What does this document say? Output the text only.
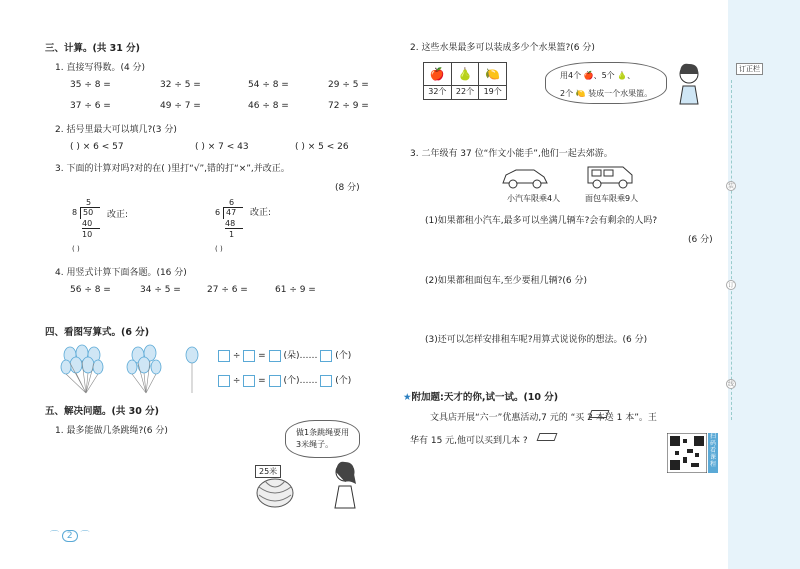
三、计算。(共 31 分)
1. 直接写得数。(4 分)
35 ÷ 8 =	32 ÷ 5 =	54 ÷ 8 =	29 ÷ 5 =
37 ÷ 6 =	49 ÷ 7 =	46 ÷ 8 =	72 ÷ 9 =
2. 括号里最大可以填几?(3 分)
( ) × 6 < 57	( ) × 7 < 43	( ) × 5 < 26
3. 下面的计算对吗?对的在( )里打“√”,错的打“×”,并改正。
(8 分)
5
8 50
40
10
改正:
( )
6
6 47
48
1
改正:
( )
4. 用竖式计算下面各题。(16 分)
56 ÷ 8 =	34 ÷ 5 =	27 ÷ 6 =	61 ÷ 9 =
四、看图写算式。(6 分)
÷ = (朵)…… (个)
÷ = (个)…… (个)
五、解决问题。(共 30 分)
1. 最多能做几条跳绳?(6 分)
25米
做1条跳绳要用3米绳子。
⌒ 2 ⌒
2. 这些水果最多可以装成多少个水果篮?(6 分)
🍎
32个
🍐
22个
🍋
19个
用4个 🍎、5个 🍐、
2个 🍋 装成一个水果篮。
3. 二年级有 37 位“作文小能手”,他们一起去郊游。
小汽车限乘4人	面包车限乘9人
(1)如果都租小汽车,最多可以坐满几辆车?会有剩余的人吗?
(6 分)
(2)如果都租面包车,至少要租几辆?(6 分)
(3)还可以怎样安排租车呢?用算式说说你的想法。(6 分)
★附加题:天才的你,试一试。(10 分)
文具店开展“六一”优惠活动,7 元的 “买 2 本送 1 本”。王
华有 15 元,他可以买到几本 ?	扫码看课程
订正栏
装
订
线
